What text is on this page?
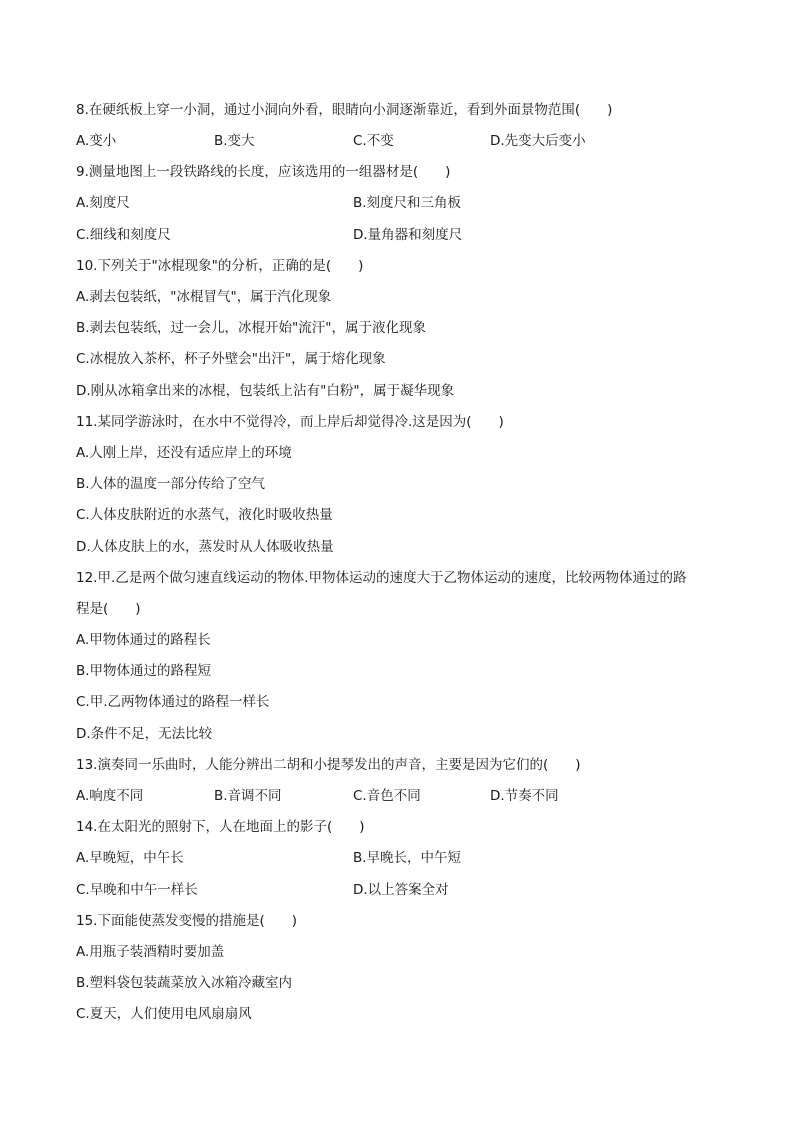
8.在硬纸板上穿一小洞，通过小洞向外看，眼睛向小洞逐渐靠近，看到外面景物范围(　　)
A.变小	B.变大	C.不变	D.先变大后变小
9.测量地图上一段铁路线的长度，应该选用的一组器材是(　　)
A.刻度尺	B.刻度尺和三角板
C.细线和刻度尺	D.量角器和刻度尺
10.下列关于"冰棍现象"的分析，正确的是(　　)
A.剥去包装纸，"冰棍冒气"，属于汽化现象
B.剥去包装纸，过一会儿，冰棍开始"流汗"，属于液化现象
C.冰棍放入茶杯，杯子外壁会"出汗"，属于熔化现象
D.刚从冰箱拿出来的冰棍，包装纸上沾有"白粉"，属于凝华现象
11.某同学游泳时，在水中不觉得冷，而上岸后却觉得冷.这是因为(　　)
A.人刚上岸，还没有适应岸上的环境
B.人体的温度一部分传给了空气
C.人体皮肤附近的水蒸气，液化时吸收热量
D.人体皮肤上的水，蒸发时从人体吸收热量
12.甲.乙是两个做匀速直线运动的物体.甲物体运动的速度大于乙物体运动的速度，比较两物体通过的路
程是(　　)
A.甲物体通过的路程长
B.甲物体通过的路程短
C.甲.乙两物体通过的路程一样长
D.条件不足，无法比较
13.演奏同一乐曲时，人能分辨出二胡和小提琴发出的声音，主要是因为它们的(　　)
A.响度不同	B.音调不同	C.音色不同	D.节奏不同
14.在太阳光的照射下，人在地面上的影子(　　)
A.早晚短，中午长	B.早晚长，中午短
C.早晚和中午一样长	D.以上答案全对
15.下面能使蒸发变慢的措施是(　　)
A.用瓶子装酒精时要加盖
B.塑料袋包装蔬菜放入冰箱冷藏室内
C.夏天，人们使用电风扇扇风
